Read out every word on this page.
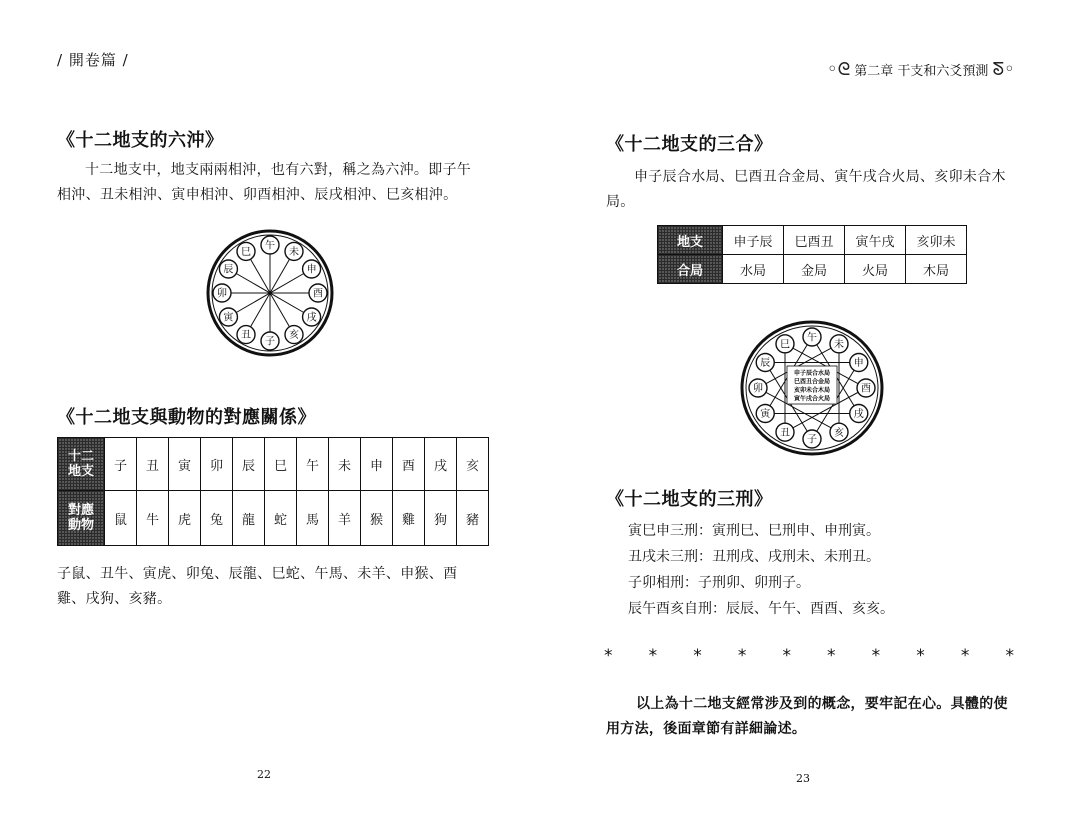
/ 開卷篇 /
《十二地支的六沖》
十二地支中，地支兩兩相沖，也有六對，稱之為六沖。即子午相沖、丑未相沖、寅申相沖、卯酉相沖、辰戌相沖、巳亥相沖。
午
未
申
酉
戌
亥
子
丑
寅
卯
辰
巳
《十二地支與動物的對應關係》
十二地支	子	丑	寅	卯	辰	巳	午	未	申	酉	戌	亥
對應動物	鼠	牛	虎	兔	龍	蛇	馬	羊	猴	雞	狗	豬
子鼠、丑牛、寅虎、卯兔、辰龍、巳蛇、午馬、未羊、申猴、酉雞、戌狗、亥豬。
22
◦ᘓ 第二章 干支和六爻預測 ᘕ◦
《十二地支的三合》
申子辰合水局、巳酉丑合金局、寅午戌合火局、亥卯未合木局。
地支	申子辰	巳酉丑	寅午戌	亥卯未
合局	水局	金局	火局	木局
申子辰合水局
巳酉丑合金局
亥卯未合木局
寅午戌合火局
午
未
申
酉
戌
亥
子
丑
寅
卯
辰
巳
《十二地支的三刑》
寅巳申三刑：寅刑巳、巳刑申、申刑寅。
丑戌未三刑：丑刑戌、戌刑未、未刑丑。
子卯相刑：子刑卯、卯刑子。
辰午酉亥自刑：辰辰、午午、酉酉、亥亥。
* * * * * * * * * *
以上為十二地支經常涉及到的概念，要牢記在心。具體的使用方法，後面章節有詳細論述。
23
